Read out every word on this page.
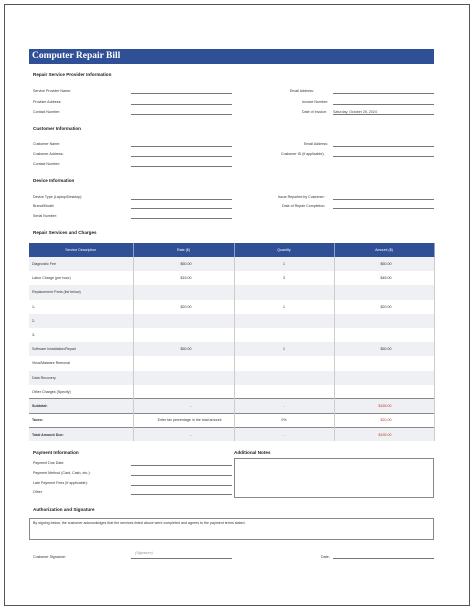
Computer Repair Bill
Repair Service Provider Information
Service Provider Name:
Provider Address:
Contact Number:
Email Address:
Invoice Number:
Date of Invoice: Saturday, October 26, 2024
Customer Information
Customer Name:
Customer Address:
Contact Number:
Email Address:
Customer ID (if applicable):
Device Information
Device Type (Laptop/Desktop):
Brand/Model:
Serial Number:
Issue Reported by Customer:
Date of Repair Completion:
Repair Services and Charges
Service Description	Rate ($)	Quantity	Amount ($)
Diagnostic Fee	$50.00	1	$50.00
Labor Charge (per hour)	$15.00	3	$45.00
Replacement Parts (list below)			
1-	$20.00	1	$20.00
2-			
3-			
Software Installation/Repair	$50.00	1	$50.00
Virus/Malware Removal			
Data Recovery			
Other Charges (Specify)			
Subtotal:	-	-	$165.00
Taxes:	Enter tax percentage in the total amount	0%	$20.00
Total Amount Due:	-	-	$155.00
Payment Information
Payment Due Date:
Payment Method (Card, Cash, etc.):
Late Payment Fees (If applicable):
Other
Additional Notes
Authorization and Signature
By signing below, the customer acknowledges that the services listed above were completed and agrees to the payment terms stated.
Customer Signature:
(Signature)
Date:
